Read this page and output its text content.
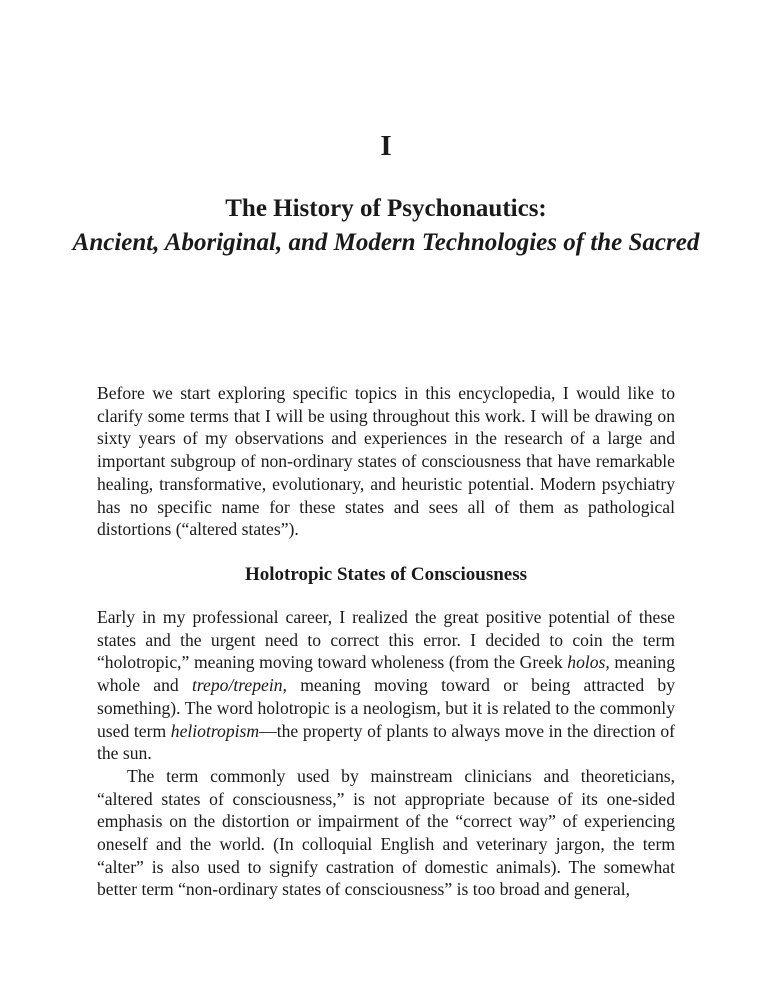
I
The History of Psychonautics:
Ancient, Aboriginal, and Modern Technologies of the Sacred

Before we start exploring specific topics in this encyclopedia, I would like to clarify some terms that I will be using throughout this work. I will be drawing on sixty years of my observations and experiences in the research of a large and important subgroup of non-ordinary states of consciousness that have remarkable healing, transformative, evolutionary, and heuristic potential. Modern psychiatry has no specific name for these states and sees all of them as pathological distortions (“altered states”).

Holotropic States of Consciousness

Early in my professional career, I realized the great positive potential of these states and the urgent need to correct this error. I decided to coin the term “holotropic,” meaning moving toward wholeness (from the Greek holos, meaning whole and trepo/trepein, meaning moving toward or being attracted by something). The word holotropic is a neologism, but it is related to the commonly used term heliotropism—the property of plants to always move in the direction of the sun.

The term commonly used by mainstream clinicians and theoreticians, “altered states of consciousness,” is not appropriate because of its one-sided emphasis on the distortion or impairment of the “correct way” of experiencing oneself and the world. (In colloquial English and veterinary jargon, the term “alter” is also used to signify castration of domestic animals). The somewhat better term “non-ordinary states of consciousness” is too broad and general,
